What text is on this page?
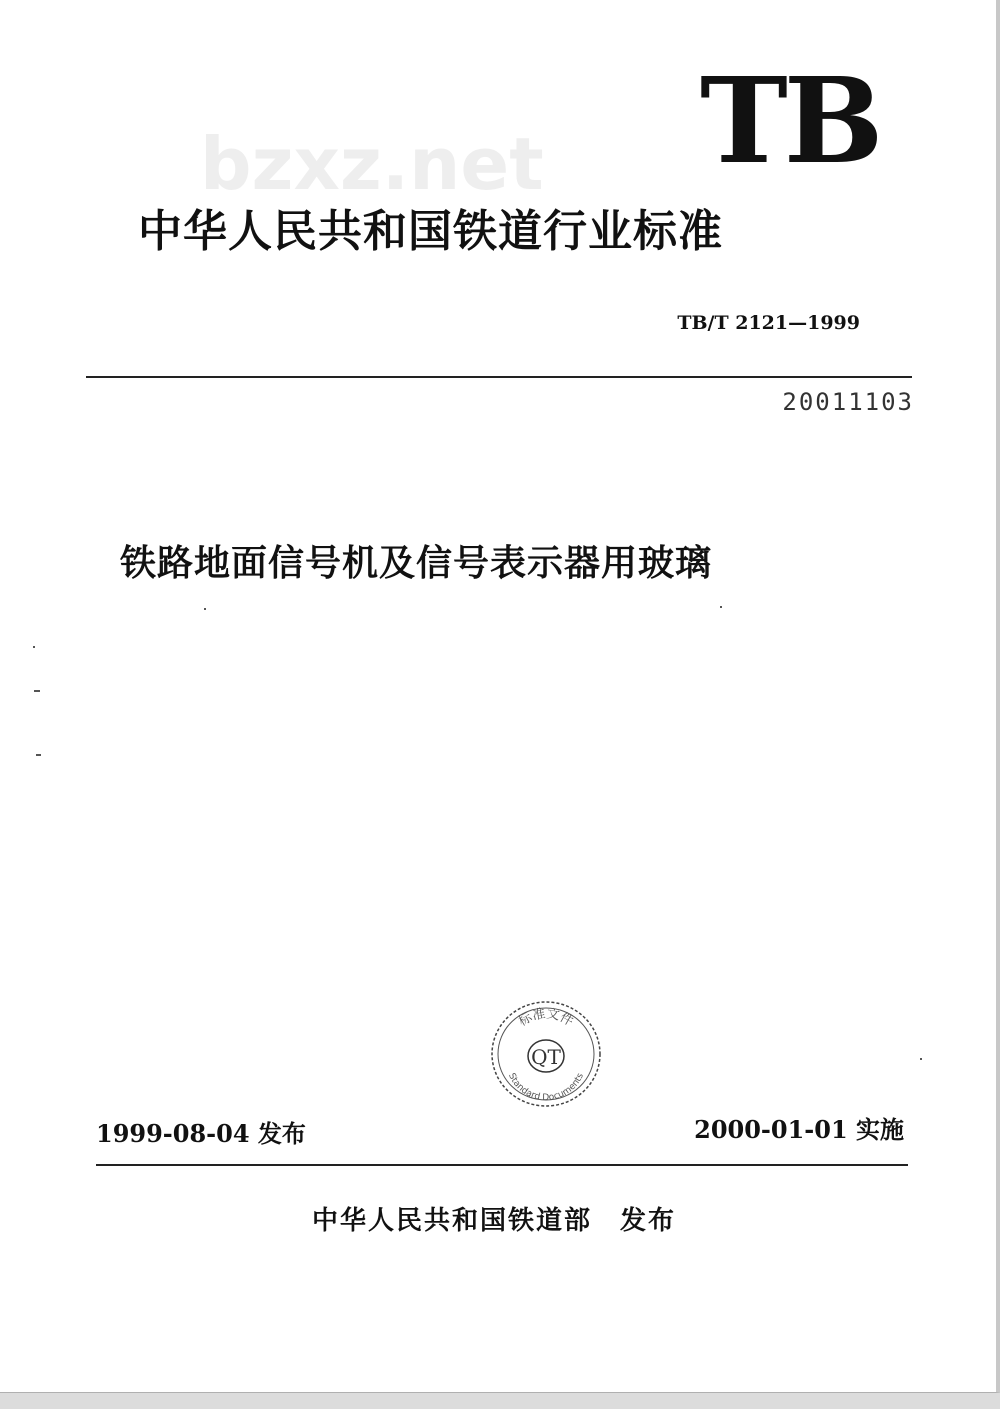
TB
bzxz.net
中华人民共和国铁道行业标准
TB/T 2121—1999
20011103
铁路地面信号机及信号表示器用玻璃
QT
标准文件
Standard Documents
1999-08-04 发布	2000-01-01 实施
中华人民共和国铁道部 发布
